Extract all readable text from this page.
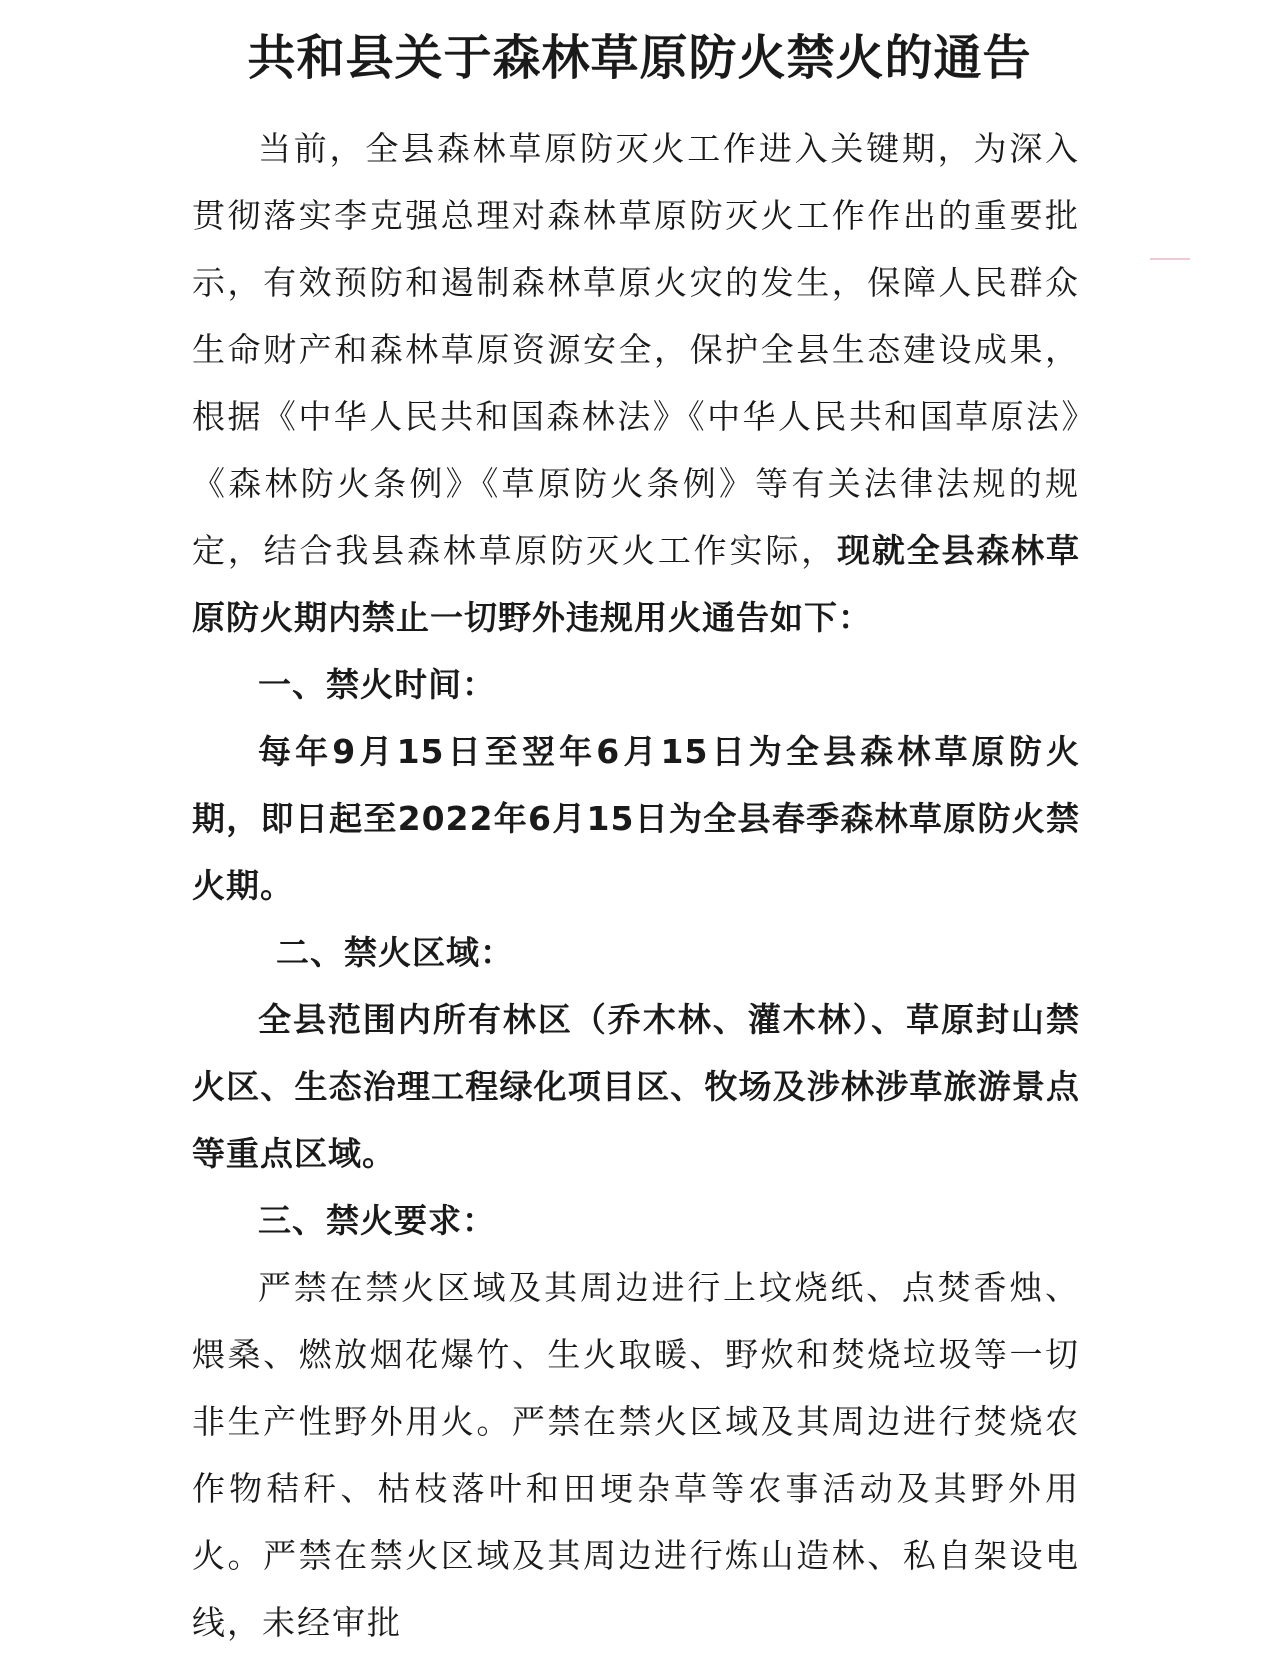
共和县关于森林草原防火禁火的通告

当前，全县森林草原防灭火工作进入关键期，为深入贯彻落实李克强总理对森林草原防灭火工作作出的重要批示，有效预防和遏制森林草原火灾的发生，保障人民群众生命财产和森林草原资源安全，保护全县生态建设成果，根据《中华人民共和国森林法》《中华人民共和国草原法》《森林防火条例》《草原防火条例》等有关法律法规的规定，结合我县森林草原防灭火工作实际，现就全县森林草原防火期内禁止一切野外违规用火通告如下：

一、禁火时间：

每年9月15日至翌年6月15日为全县森林草原防火期，即日起至2022年6月15日为全县春季森林草原防火禁火期。

二、禁火区域：

全县范围内所有林区（乔木林、灌木林）、草原封山禁火区、生态治理工程绿化项目区、牧场及涉林涉草旅游景点等重点区域。

三、禁火要求：

严禁在禁火区域及其周边进行上坟烧纸、点焚香烛、煨桑、燃放烟花爆竹、生火取暖、野炊和焚烧垃圾等一切非生产性野外用火。严禁在禁火区域及其周边进行焚烧农作物秸秆、枯枝落叶和田埂杂草等农事活动及其野外用火。严禁在禁火区域及其周边进行炼山造林、私自架设电线，未经审批
